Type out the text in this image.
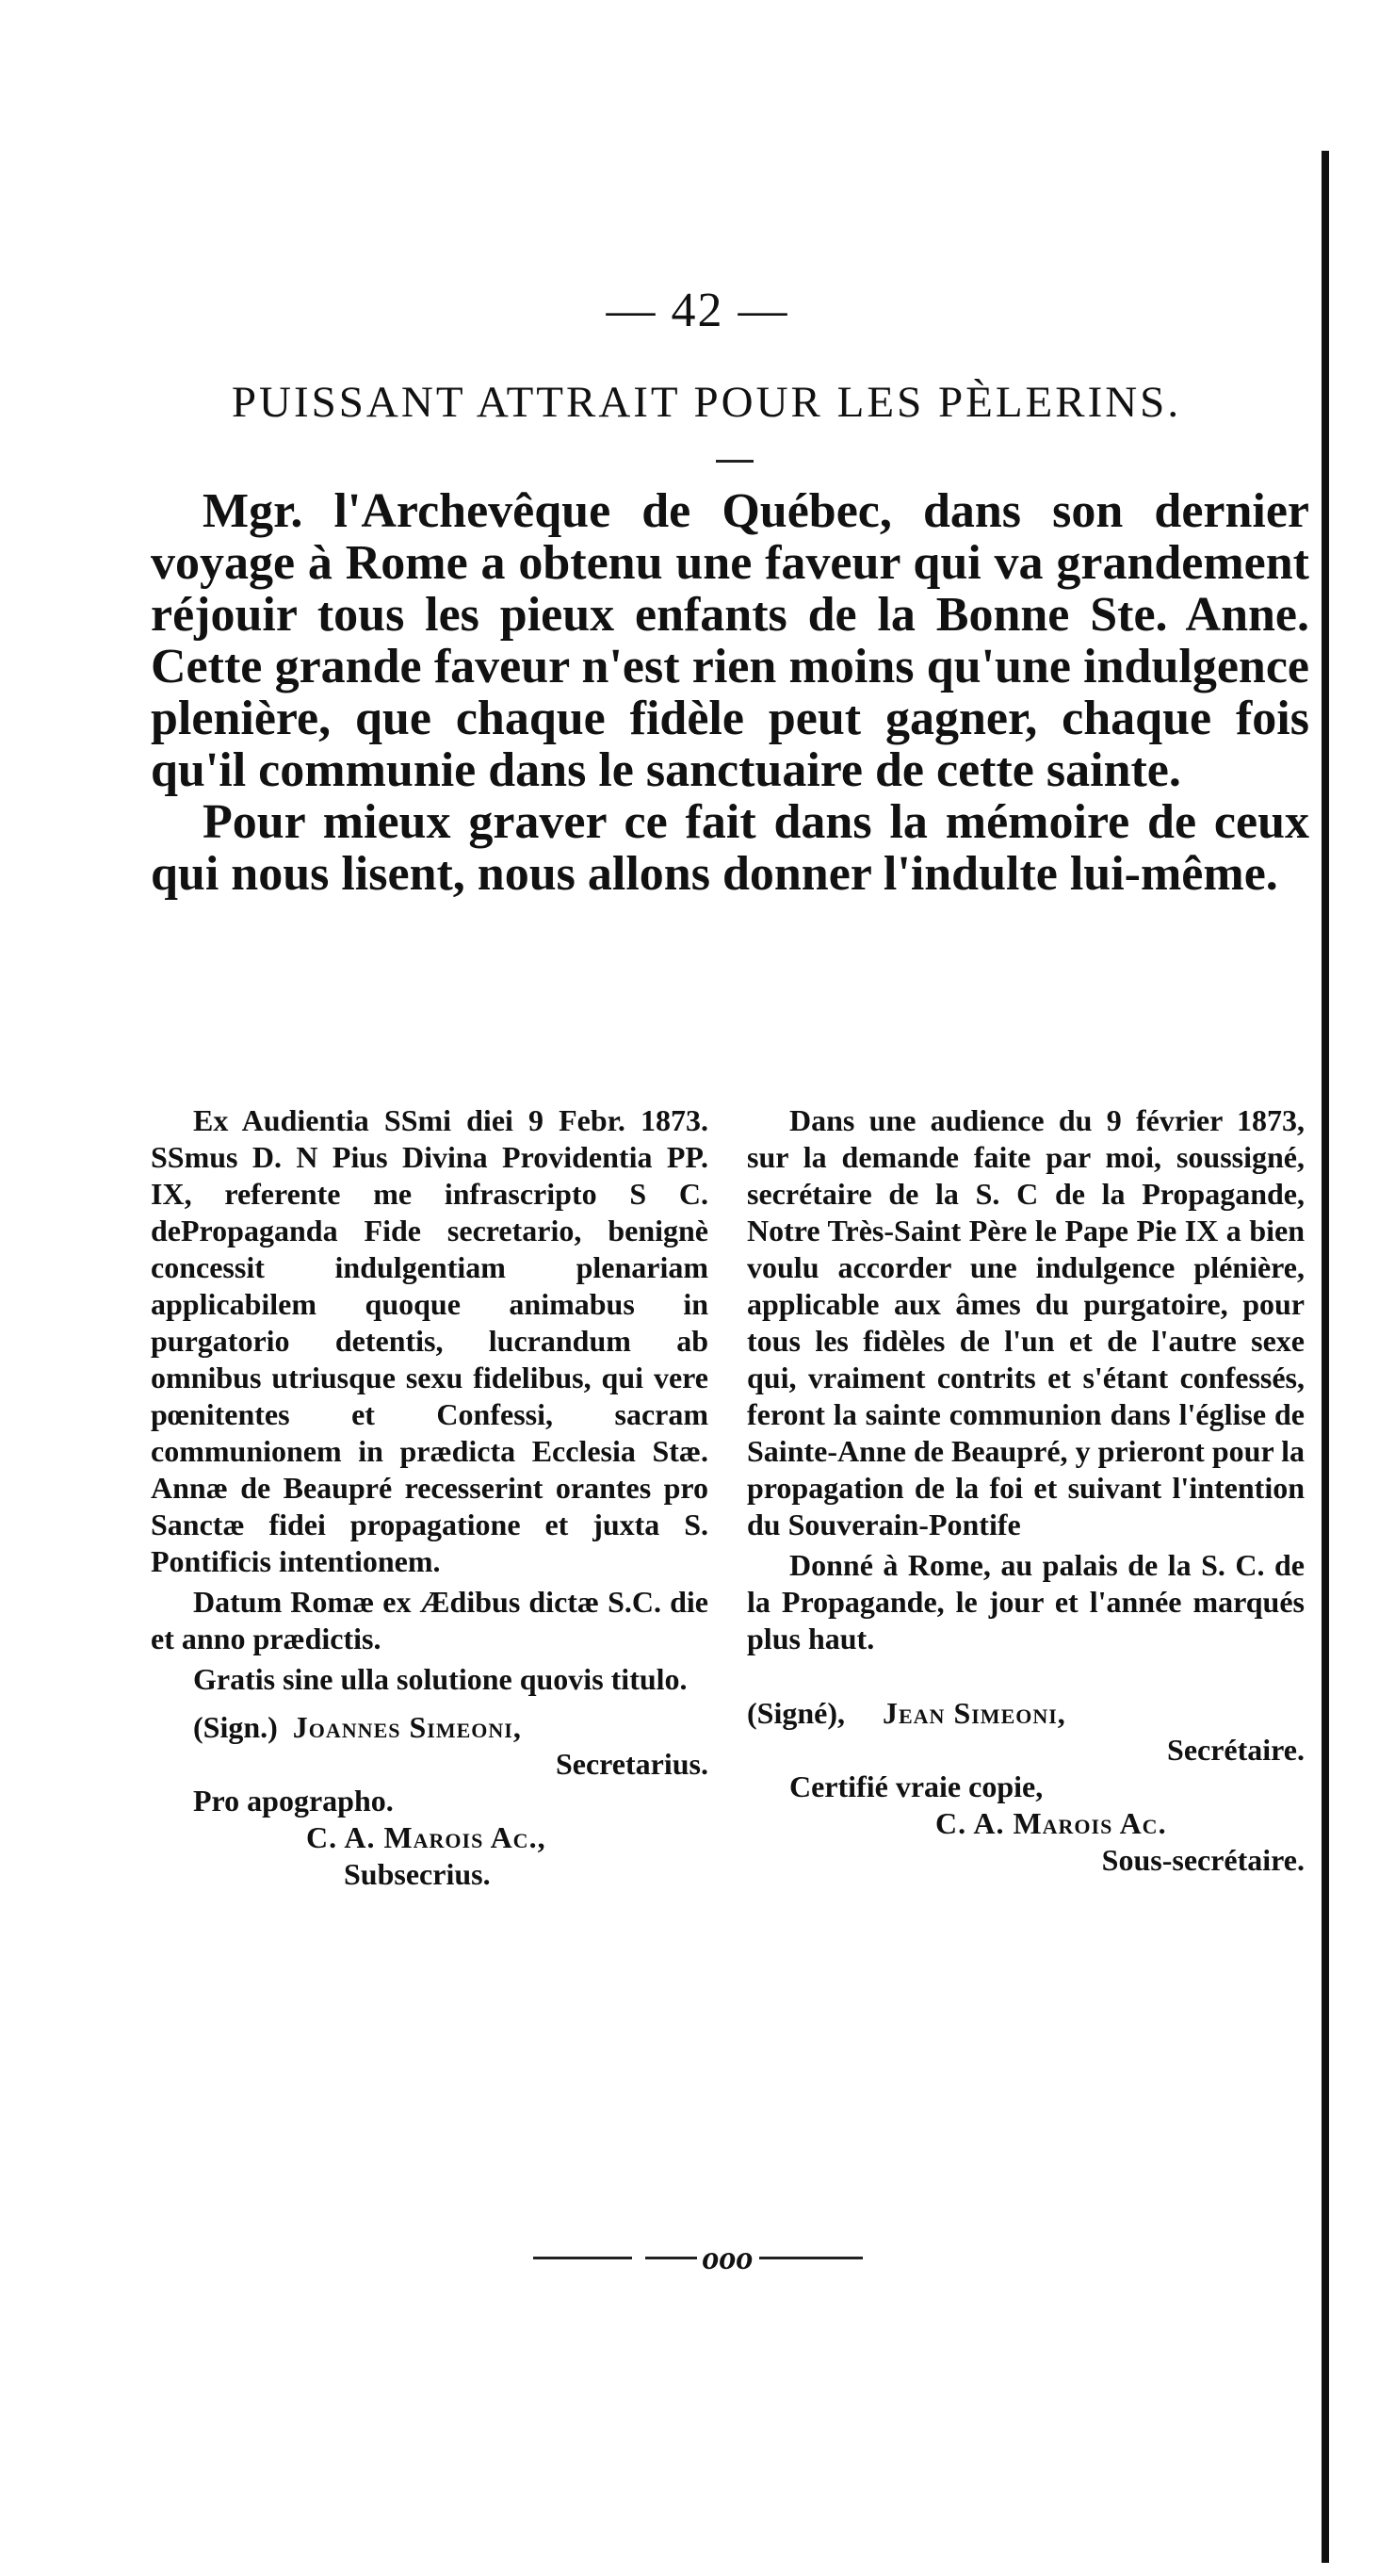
— 42 —
PUISSANT ATTRAIT POUR LES PÈLERINS.

Mgr. l'Archevêque de Québec, dans son dernier voyage à Rome a obtenu une faveur qui va grandement réjouir tous les pieux enfants de la Bonne Ste. Anne. Cette grande faveur n'est rien moins qu'une indulgence plenière, que chaque fidèle peut gagner, chaque fois qu'il communie dans le sanctuaire de cette sainte.

Pour mieux graver ce fait dans la mémoire de ceux qui nous lisent, nous allons donner l'indulte lui-même.

Ex Audientia SSmi diei 9 Febr. 1873. SSmus D. N Pius Divina Providentia PP. IX, referente me infrascripto S C. dePropaganda Fide secretario, benignè concessit indulgentiam plenariam applicabilem quoque animabus in purgatorio detentis, lucrandum ab omnibus utriusque sexu fidelibus, qui vere pœnitentes et Confessi, sacram communionem in prædicta Ecclesia Stæ. Annæ de Beaupré recesserint orantes pro Sanctæ fidei propagatione et juxta S. Pontificis intentionem.

Datum Romæ ex Ædibus dictæ S.C. die et anno prædictis.

Gratis sine ulla solutione quovis titulo.

(Sign.) Joannes Simeoni,

Secretarius.

Pro apographo.

C. A. Marois Ac.,

Subsecrius.

Dans une audience du 9 février 1873, sur la demande faite par moi, soussigné, secrétaire de la S. C de la Propagande, Notre Très-Saint Père le Pape Pie IX a bien voulu accorder une indulgence plénière, applicable aux âmes du purgatoire, pour tous les fidèles de l'un et de l'autre sexe qui, vraiment contrits et s'étant confessés, feront la sainte communion dans l'église de Sainte-Anne de Beaupré, y prieront pour la propagation de la foi et suivant l'intention du Souverain-Pontife

Donné à Rome, au palais de la S. C. de la Propagande, le jour et l'année marqués plus haut.

(Signé), Jean Simeoni,

Secrétaire.

Certifié vraie copie,

C. A. Marois Ac.

Sous-secrétaire.

ooo
